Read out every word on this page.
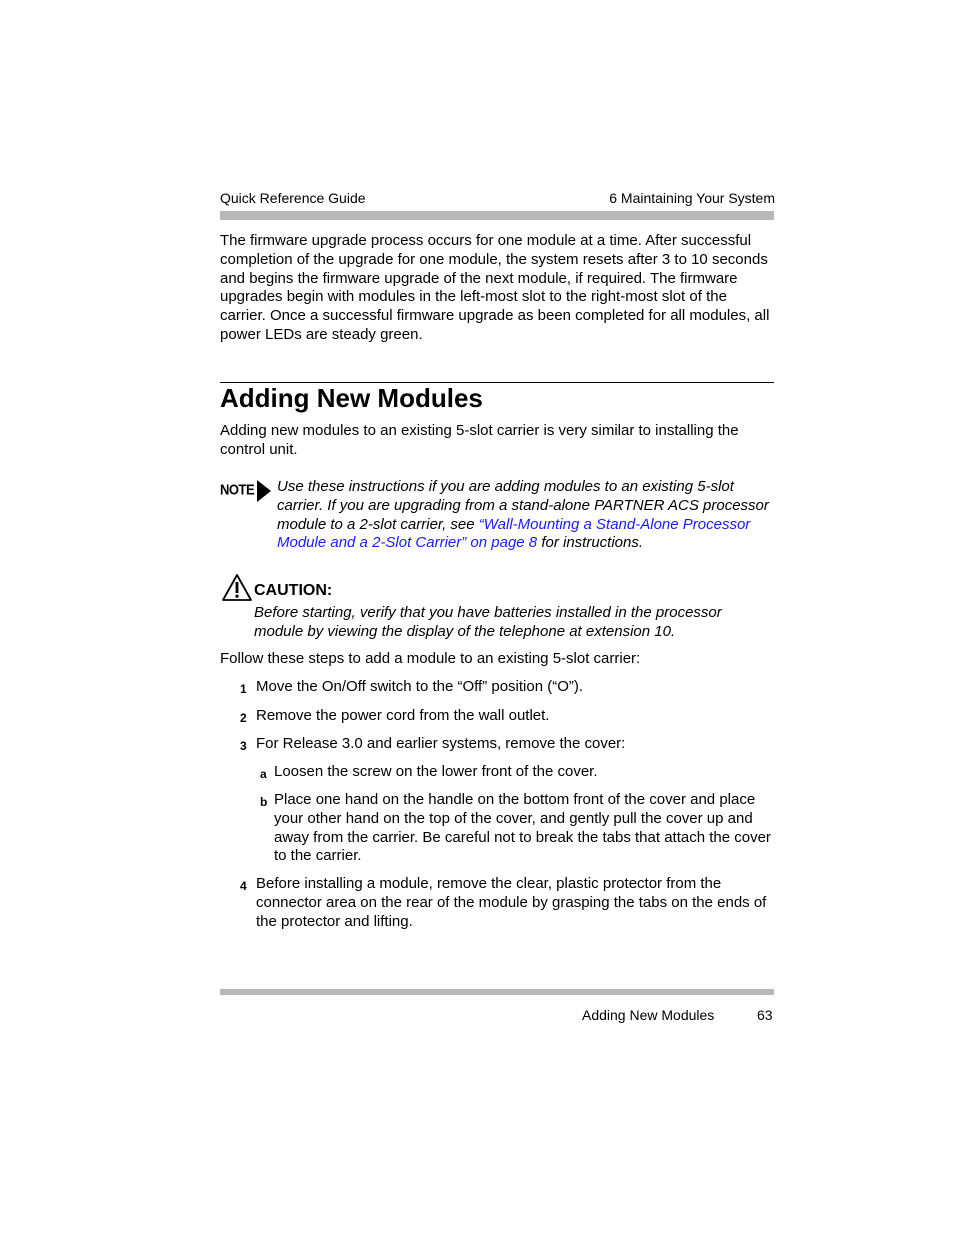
Quick Reference Guide	6 Maintaining Your System
The firmware upgrade process occurs for one module at a time. After successful completion of the upgrade for one module, the system resets after 3 to 10 seconds and begins the firmware upgrade of the next module, if required. The firmware upgrades begin with modules in the left-most slot to the right-most slot of the carrier. Once a successful firmware upgrade as been completed for all modules, all power LEDs are steady green.
Adding New Modules
Adding new modules to an existing 5-slot carrier is very similar to installing the control unit.
NOTE Use these instructions if you are adding modules to an existing 5-slot carrier. If you are upgrading from a stand-alone PARTNER ACS processor module to a 2-slot carrier, see “Wall-Mounting a Stand-Alone Processor Module and a 2-Slot Carrier” on page 8 for instructions.
CAUTION:
Before starting, verify that you have batteries installed in the processor module by viewing the display of the telephone at extension 10.
Follow these steps to add a module to an existing 5-slot carrier:
1 Move the On/Off switch to the “Off” position (“O”).
2 Remove the power cord from the wall outlet.
3 For Release 3.0 and earlier systems, remove the cover:
a Loosen the screw on the lower front of the cover.
b Place one hand on the handle on the bottom front of the cover and place your other hand on the top of the cover, and gently pull the cover up and away from the carrier. Be careful not to break the tabs that attach the cover to the carrier.
4 Before installing a module, remove the clear, plastic protector from the connector area on the rear of the module by grasping the tabs on the ends of the protector and lifting.
Adding New Modules	63
